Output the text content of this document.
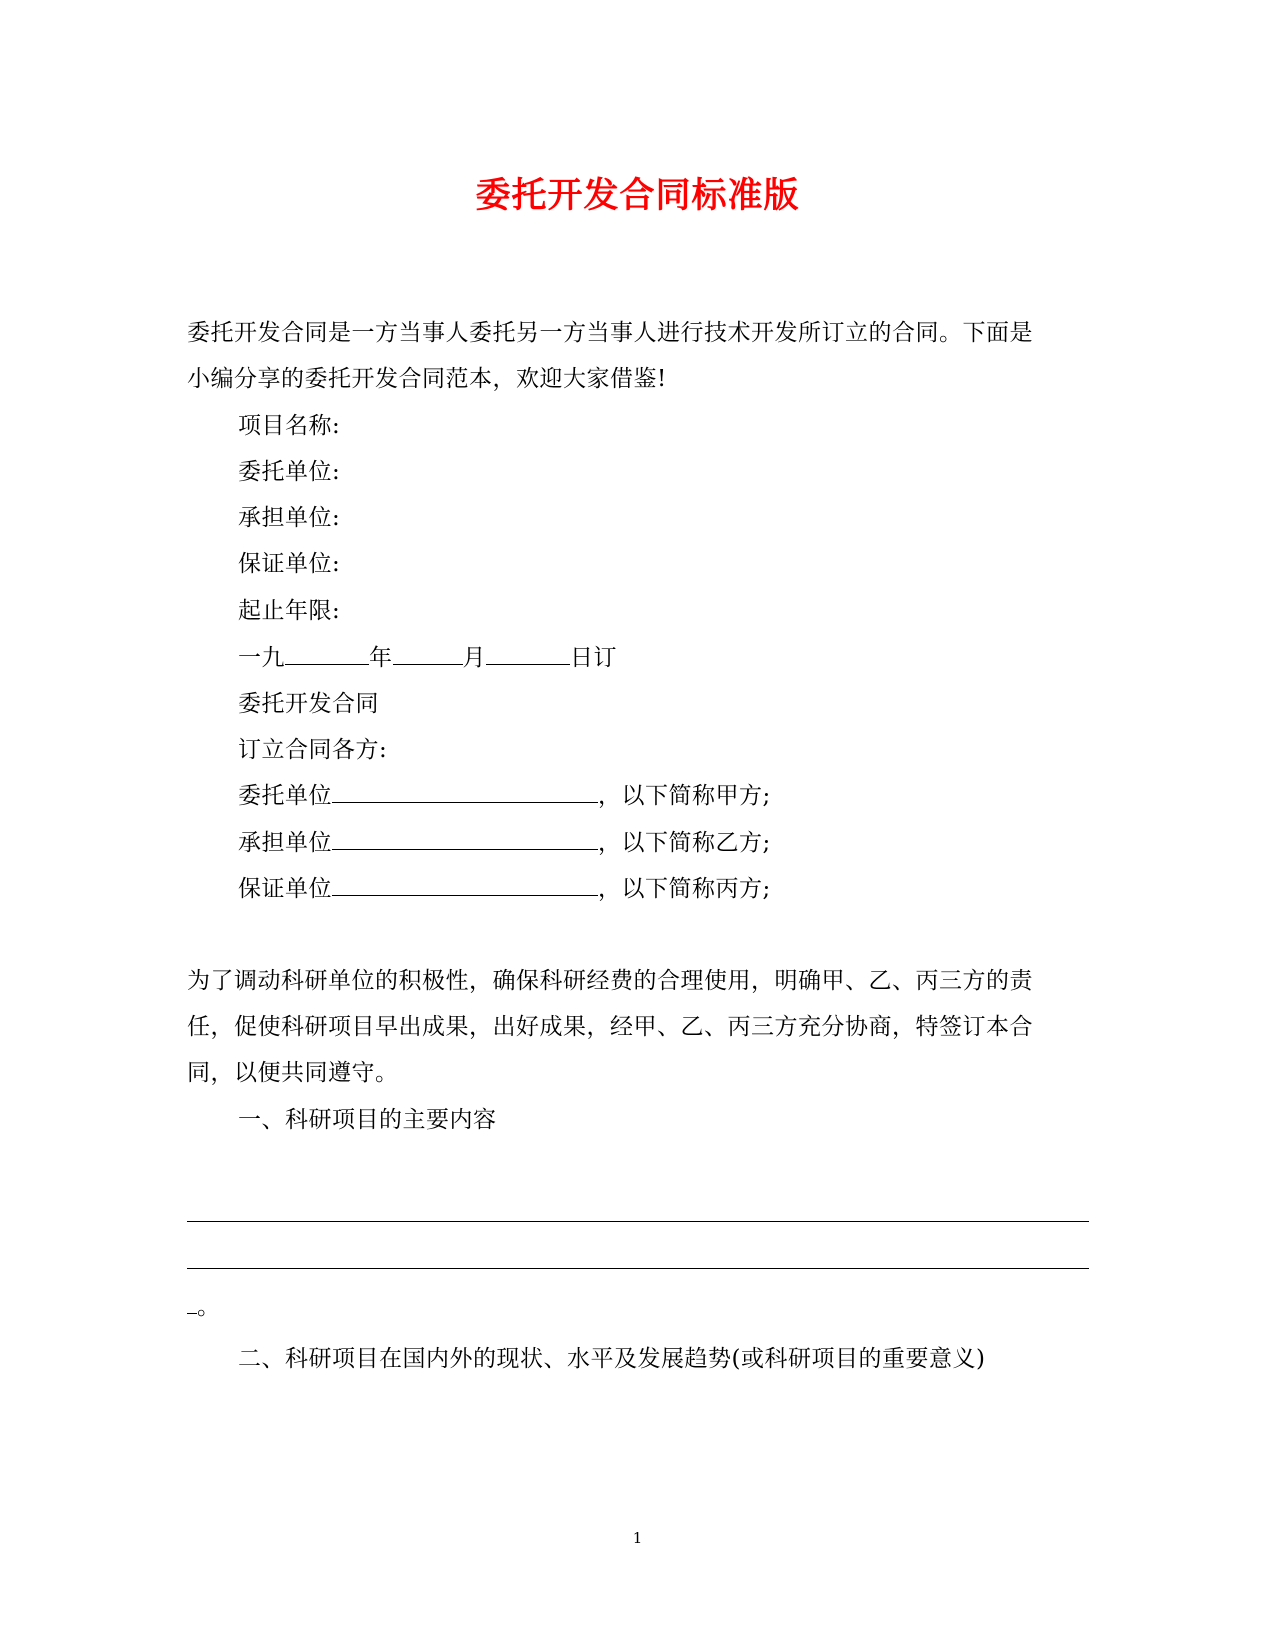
委托开发合同标准版
委托开发合同是一方当事人委托另一方当事人进行技术开发所订立的合同。下面是
小编分享的委托开发合同范本，欢迎大家借鉴!
项目名称:
委托单位:
承担单位:
保证单位:
起止年限:
一九	年	月	日订
委托开发合同
订立合同各方:
委托单位	，以下简称甲方;
承担单位	，以下简称乙方;
保证单位	，以下简称丙方;
为了调动科研单位的积极性，确保科研经费的合理使用，明确甲、乙、丙三方的责
任，促使科研项目早出成果，出好成果，经甲、乙、丙三方充分协商，特签订本合
同，以便共同遵守。
一、科研项目的主要内容
。
二、科研项目在国内外的现状、水平及发展趋势(或科研项目的重要意义)
1
